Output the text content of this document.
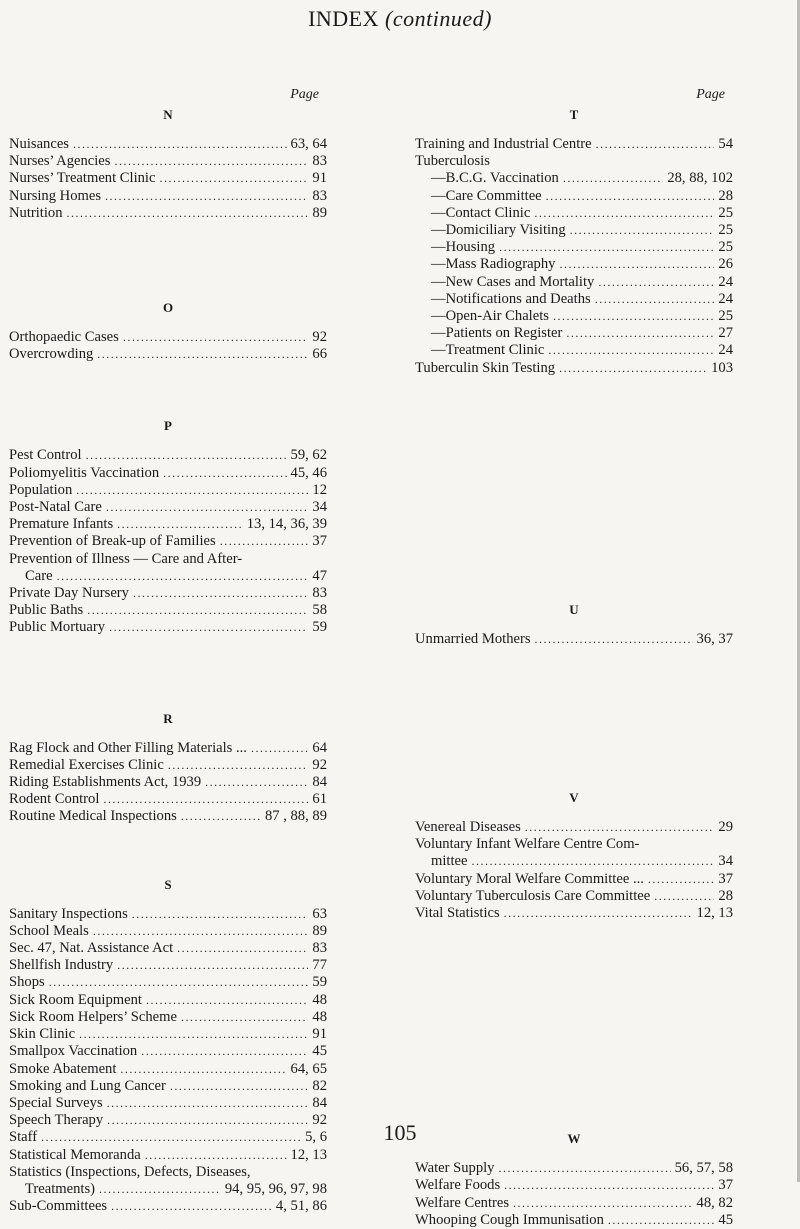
INDEX (continued)
Page
N
Nuisances .....	63, 64
Nurses’ Agencies .....	83
Nurses’ Treatment Clinic .....	91
Nursing Homes .....	83
Nutrition .....	89
O
Orthopaedic Cases .....	92
Overcrowding .....	66
P
Pest Control .....	59, 62
Poliomyelitis Vaccination .....	45, 46
Population .....	12
Post-Natal Care .....	34
Premature Infants .....	13, 14, 36, 39
Prevention of Break-up of Families .....	37
Prevention of Illness — Care and After-
Care .....	47
Private Day Nursery .....	83
Public Baths .....	58
Public Mortuary .....	59
R
Rag Flock and Other Filling Materials ... .....	64
Remedial Exercises Clinic .....	92
Riding Establishments Act, 1939 .....	84
Rodent Control .....	61
Routine Medical Inspections .....	87 , 88, 89
S
Sanitary Inspections .....	63
School Meals .....	89
Sec. 47, Nat. Assistance Act .....	83
Shellfish Industry .....	77
Shops .....	59
Sick Room Equipment .....	48
Sick Room Helpers’ Scheme .....	48
Skin Clinic .....	91
Smallpox Vaccination .....	45
Smoke Abatement .....	64, 65
Smoking and Lung Cancer .....	82
Special Surveys .....	84
Speech Therapy .....	92
Staff .....	5, 6
Statistical Memoranda .....	12, 13
Statistics (Inspections, Defects, Diseases,
Treatments) .....	94, 95, 96, 97, 98
Sub-Committees .....	4, 51, 86
Page
T
Training and Industrial Centre .....	54
Tuberculosis
—B.C.G. Vaccination .....	28, 88, 102
—Care Committee .....	28
—Contact Clinic .....	25
—Domiciliary Visiting .....	25
—Housing .....	25
—Mass Radiography .....	26
—New Cases and Mortality .....	24
—Notifications and Deaths .....	24
—Open-Air Chalets .....	25
—Patients on Register .....	27
—Treatment Clinic .....	24
Tuberculin Skin Testing .....	103
U
Unmarried Mothers .....	36, 37
V
Venereal Diseases .....	29
Voluntary Infant Welfare Centre Com-
mittee .....	34
Voluntary Moral Welfare Committee ... .....	37
Voluntary Tuberculosis Care Committee .....	28
Vital Statistics .....	12, 13
W
Water Supply .....	56, 57, 58
Welfare Foods .....	37
Welfare Centres .....	48, 82
Whooping Cough Immunisation .....	45
105
